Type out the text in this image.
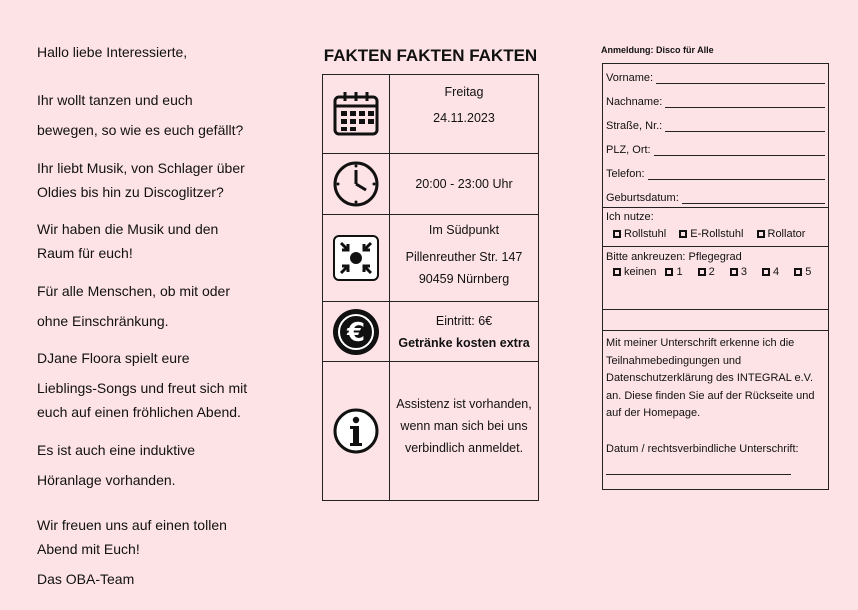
Hallo liebe Interessierte,

Ihr wollt tanzen und euch

bewegen, so wie es euch gefällt?

Ihr liebt Musik, von Schlager über

Oldies bis hin zu Discoglitzer?

Wir haben die Musik und den

Raum für euch!

Für alle Menschen, ob mit oder

ohne Einschränkung.

DJane Floora spielt eure

Lieblings-Songs und freut sich mit

euch auf einen fröhlichen Abend.

Es ist auch eine induktive

Höranlage vorhanden.

Wir freuen uns auf einen tollen

Abend mit Euch!

Das OBA-Team

FAKTEN FAKTEN FAKTEN

Freitag
24.11.2023

	20:00 - 23:00 Uhr

Im Südpunkt
Pillenreuther Str. 147
90459 Nürnberg

€	Eintritt: 6€
Getränke kosten extra

Assistenz ist vorhanden,
wenn man sich bei uns
verbindlich anmeldet.
Anmeldung: Disco für Alle
Vorname:
Nachname:
Straße, Nr.:
PLZ, Ort:
Telefon:
Geburtsdatum:
Ich nutze:
Rollstuhl E-Rollstuhl Rollator
Bitte ankreuzen: Pflegegrad
keinen 1 2 3 4 5
Mit meiner Unterschrift erkenne ich die
Teilnahmebedingungen und
Datenschutzerklärung des INTEGRAL e.V.
an. Diese finden Sie auf der Rückseite und
auf der Homepage.
Datum / rechtsverbindliche Unterschrift:
